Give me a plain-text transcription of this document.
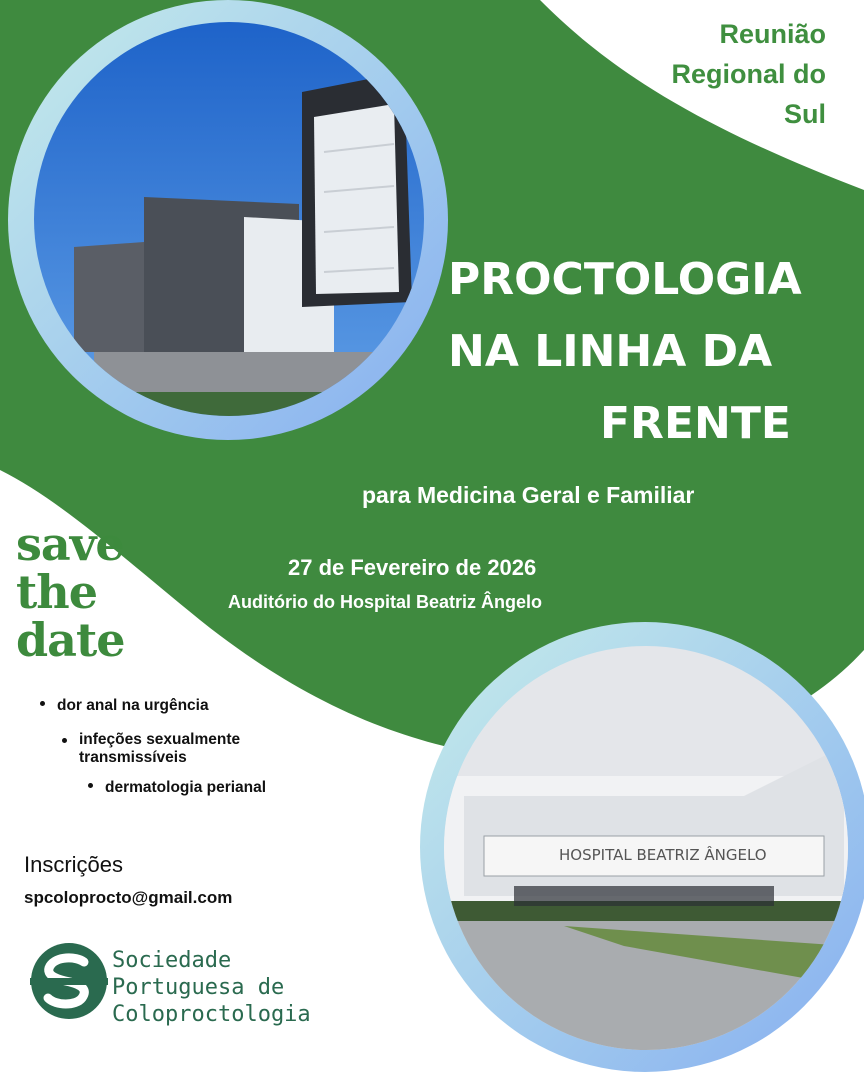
HOSPITAL BEATRIZ ÂNGELO
Reunião
Regional do
Sul
PROCTOLOGIA
NA LINHA DA
FRENTE
para Medicina Geral e Familiar
27 de Fevereiro de 2026
Auditório do Hospital Beatriz Ângelo
save
the
date
dor anal na urgência
infeções sexualmente transmissíveis
dermatologia perianal
Inscrições
spcoloprocto@gmail.com
Sociedade
Portuguesa de
Coloproctologia
